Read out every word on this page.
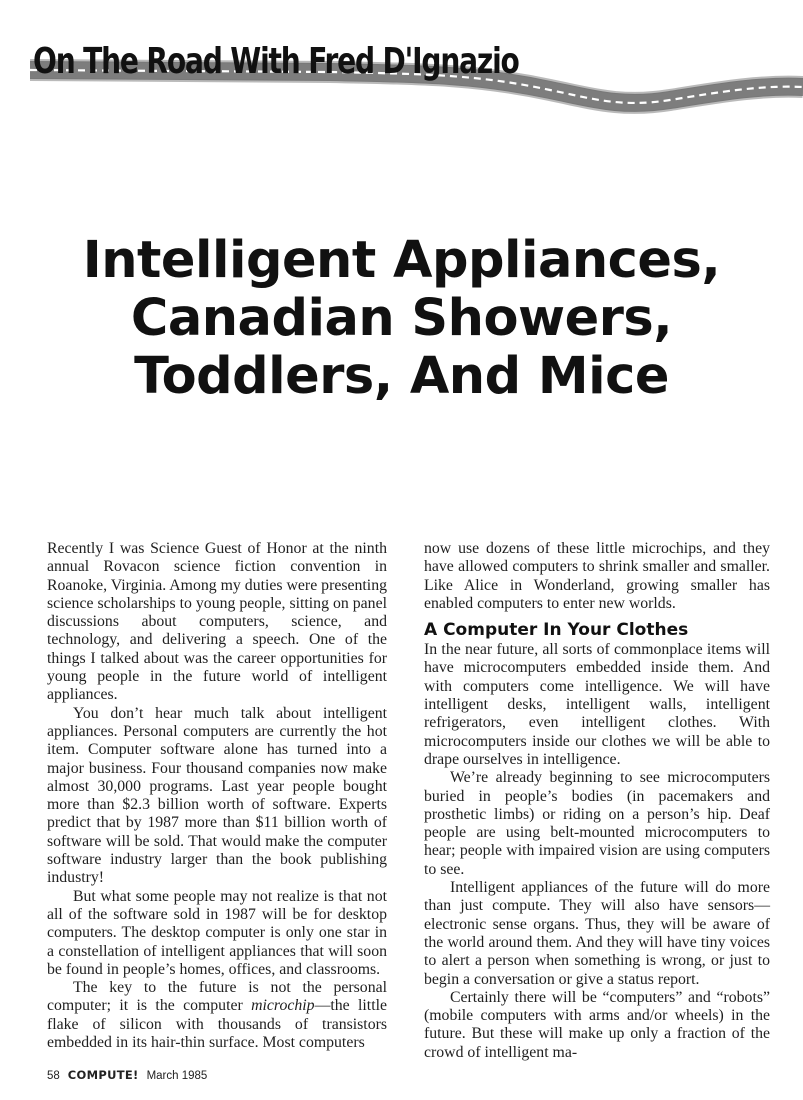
On The Road With Fred D'Ignazio
Intelligent Appliances,
Canadian Showers,
Toddlers, And Mice

Recently I was Science Guest of Honor at the ninth annual Rovacon science fiction convention in Roanoke, Virginia. Among my duties were presenting science scholarships to young people, sitting on panel discussions about computers, science, and technology, and delivering a speech. One of the things I talked about was the career opportunities for young people in the future world of intelligent appliances.

You don’t hear much talk about intelligent appliances. Personal computers are currently the hot item. Computer software alone has turned into a major business. Four thousand companies now make almost 30,000 programs. Last year people bought more than $2.3 billion worth of software. Experts predict that by 1987 more than $11 billion worth of software will be sold. That would make the computer software industry larger than the book publishing industry!

But what some people may not realize is that not all of the software sold in 1987 will be for desktop computers. The desktop computer is only one star in a constellation of intelligent appliances that will soon be found in people’s homes, offices, and classrooms.

The key to the future is not the personal computer; it is the computer microchip—the little flake of silicon with thousands of transistors embedded in its hair-thin surface. Most computers

now use dozens of these little microchips, and they have allowed computers to shrink smaller and smaller. Like Alice in Wonderland, growing smaller has enabled computers to enter new worlds.

A Computer In Your Clothes

In the near future, all sorts of commonplace items will have microcomputers embedded inside them. And with computers come intelligence. We will have intelligent desks, intelligent walls, intelligent refrigerators, even intelligent clothes. With microcomputers inside our clothes we will be able to drape ourselves in intelligence.

We’re already beginning to see microcomputers buried in people’s bodies (in pacemakers and prosthetic limbs) or riding on a person’s hip. Deaf people are using belt-mounted microcomputers to hear; people with impaired vision are using computers to see.

Intelligent appliances of the future will do more than just compute. They will also have sensors—electronic sense organs. Thus, they will be aware of the world around them. And they will have tiny voices to alert a person when something is wrong, or just to begin a conversation or give a status report.

Certainly there will be “computers” and “robots” (mobile computers with arms and/or wheels) in the future. But these will make up only a fraction of the crowd of intelligent ma-

58 COMPUTE! March 1985
